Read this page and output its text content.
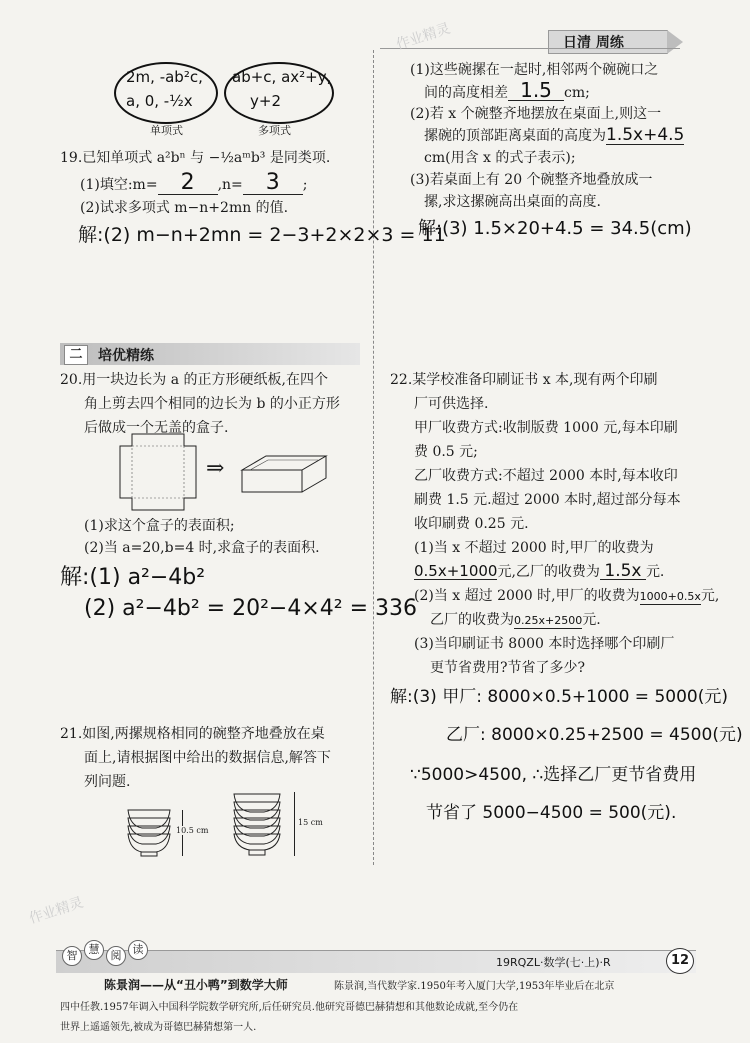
日清 周练
作业精灵
2m, -ab²c,
a, 0, -½x
单项式
ab+c, ax²+y,
y+2
多项式
19.已知单项式 a²bⁿ 与 −½aᵐb³ 是同类项.
(1)填空:m= 2 ,n= 3 ;
(2)试求多项式 m−n+2mn 的值.
解:(2) m−n+2mn = 2−3+2×2×3 = 11
(1)这些碗摞在一起时,相邻两个碗碗口之
间的高度相差 1.5 cm;
(2)若 x 个碗整齐地摆放在桌面上,则这一
摞碗的顶部距离桌面的高度为1.5x+4.5
cm(用含 x 的式子表示);
(3)若桌面上有 20 个碗整齐地叠放成一
摞,求这摞碗高出桌面的高度.
解:(3) 1.5×20+4.5 = 34.5(cm)
二	培优精练
20.用一块边长为 a 的正方形硬纸板,在四个
角上剪去四个相同的边长为 b 的小正方形
后做成一个无盖的盒子.
⇒
(1)求这个盒子的表面积;
(2)当 a=20,b=4 时,求盒子的表面积.
解:(1) a²−4b²
(2) a²−4b² = 20²−4×4² = 336
21.如图,两摞规格相同的碗整齐地叠放在桌
面上,请根据图中给出的数据信息,解答下
列问题.
10.5 cm
15 cm
22.某学校准备印刷证书 x 本,现有两个印刷
厂可供选择.
甲厂收费方式:收制版费 1000 元,每本印刷
费 0.5 元;
乙厂收费方式:不超过 2000 本时,每本收印
刷费 1.5 元.超过 2000 本时,超过部分每本
收印刷费 0.25 元.
(1)当 x 不超过 2000 时,甲厂的收费为
0.5x+1000元,乙厂的收费为 1.5x 元.
(2)当 x 超过 2000 时,甲厂的收费为1000+0.5x元,
乙厂的收费为0.25x+2500元.
(3)当印刷证书 8000 本时选择哪个印刷厂
更节省费用?节省了多少?
解:(3) 甲厂: 8000×0.5+1000 = 5000(元)
乙厂: 8000×0.25+2500 = 4500(元)
∵5000>4500, ∴选择乙厂更节省费用
节省了 5000−4500 = 500(元).
作业精灵
智	慧	阅	读
19RQZL·数学(七·上)·R	12
陈景润——从“丑小鸭”到数学大师	陈景润,当代数学家.1950年考入厦门大学,1953年毕业后在北京
四中任教.1957年调入中国科学院数学研究所,后任研究员.他研究哥德巴赫猜想和其他数论成就,至今仍在
世界上遥遥领先,被成为哥德巴赫猜想第一人.
